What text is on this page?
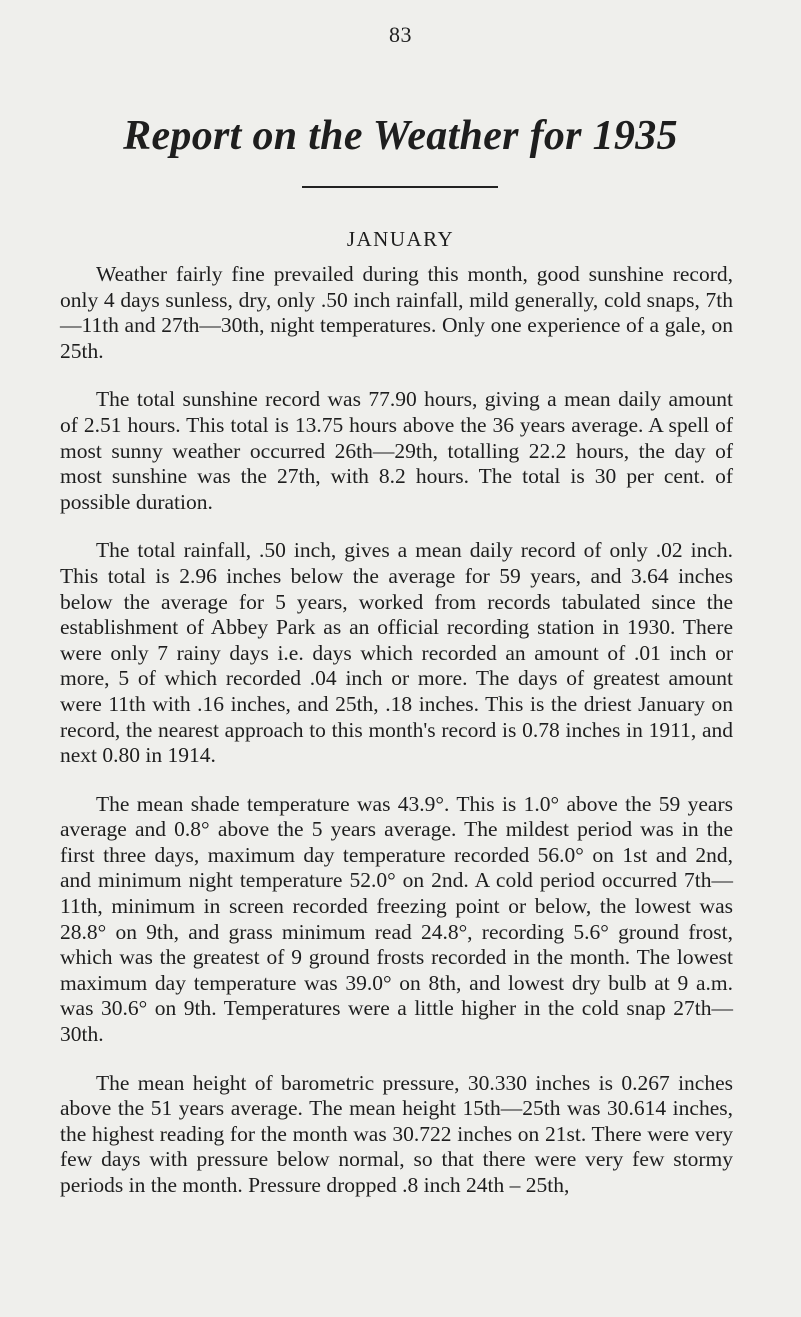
83
Report on the Weather for 1935
JANUARY

Weather fairly fine prevailed during this month, good sunshine record, only 4 days sunless, dry, only .50 inch rainfall, mild generally, cold snaps, 7th—11th and 27th—30th, night temperatures. Only one experience of a gale, on 25th.

The total sunshine record was 77.90 hours, giving a mean daily amount of 2.51 hours. This total is 13.75 hours above the 36 years average. A spell of most sunny weather occurred 26th—29th, totalling 22.2 hours, the day of most sunshine was the 27th, with 8.2 hours. The total is 30 per cent. of possible duration.

The total rainfall, .50 inch, gives a mean daily record of only .02 inch. This total is 2.96 inches below the average for 59 years, and 3.64 inches below the average for 5 years, worked from records tabulated since the establishment of Abbey Park as an official recording station in 1930. There were only 7 rainy days i.e. days which recorded an amount of .01 inch or more, 5 of which recorded .04 inch or more. The days of greatest amount were 11th with .16 inches, and 25th, .18 inches. This is the driest January on record, the nearest approach to this month's record is 0.78 inches in 1911, and next 0.80 in 1914.

The mean shade temperature was 43.9°. This is 1.0° above the 59 years average and 0.8° above the 5 years average. The mildest period was in the first three days, maximum day temperature recorded 56.0° on 1st and 2nd, and minimum night temperature 52.0° on 2nd. A cold period occurred 7th—11th, minimum in screen recorded freezing point or below, the lowest was 28.8° on 9th, and grass minimum read 24.8°, recording 5.6° ground frost, which was the greatest of 9 ground frosts recorded in the month. The lowest maximum day temperature was 39.0° on 8th, and lowest dry bulb at 9 a.m. was 30.6° on 9th. Temperatures were a little higher in the cold snap 27th—30th.

The mean height of barometric pressure, 30.330 inches is 0.267 inches above the 51 years average. The mean height 15th—25th was 30.614 inches, the highest reading for the month was 30.722 inches on 21st. There were very few days with pressure below normal, so that there were very few stormy periods in the month. Pressure dropped .8 inch 24th – 25th,
